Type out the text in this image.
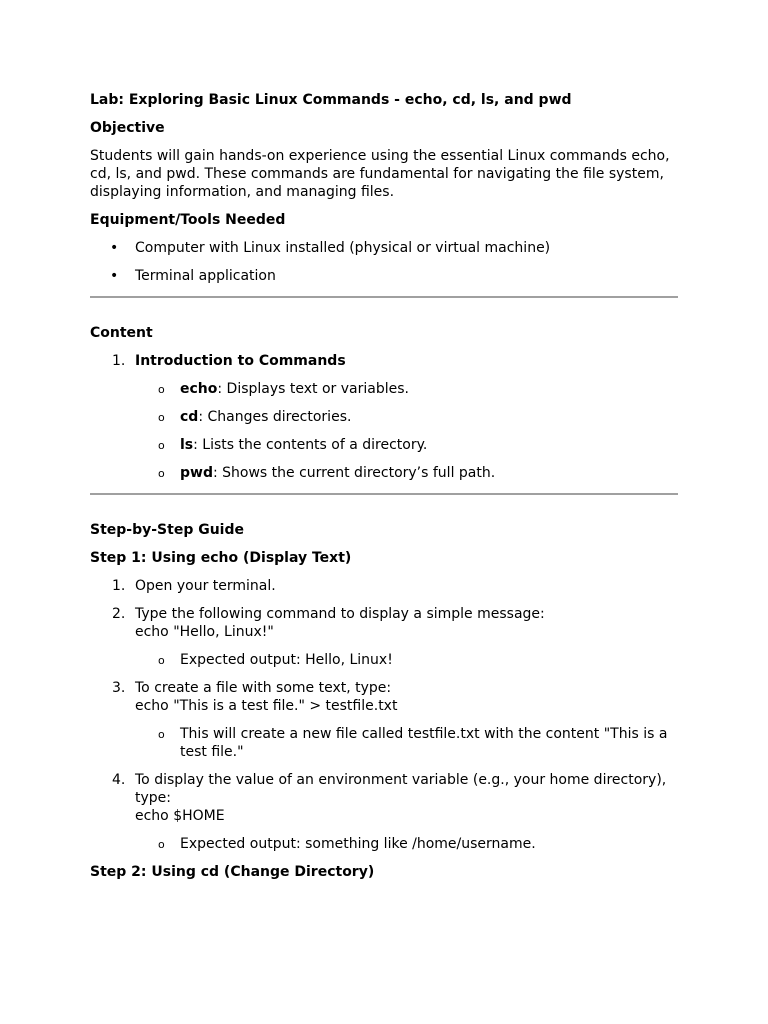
Lab: Exploring Basic Linux Commands - echo, cd, ls, and pwd

Objective

Students will gain hands-on experience using the essential Linux commands echo, cd, ls, and pwd. These commands are fundamental for navigating the file system, displaying information, and managing files.

Equipment/Tools Needed

• Computer with Linux installed (physical or virtual machine)
• Terminal application

Content

1. Introduction to Commands
o echo: Displays text or variables.
o cd: Changes directories.
o ls: Lists the contents of a directory.
o pwd: Shows the current directory’s full path.

Step-by-Step Guide

Step 1: Using echo (Display Text)

1. Open your terminal.
2. Type the following command to display a simple message:
echo "Hello, Linux!"
o Expected output: Hello, Linux!
3. To create a file with some text, type:
echo "This is a test file." > testfile.txt
o This will create a new file called testfile.txt with the content "This is a test file."
4. To display the value of an environment variable (e.g., your home directory), type:
echo $HOME
o Expected output: something like /home/username.

Step 2: Using cd (Change Directory)
